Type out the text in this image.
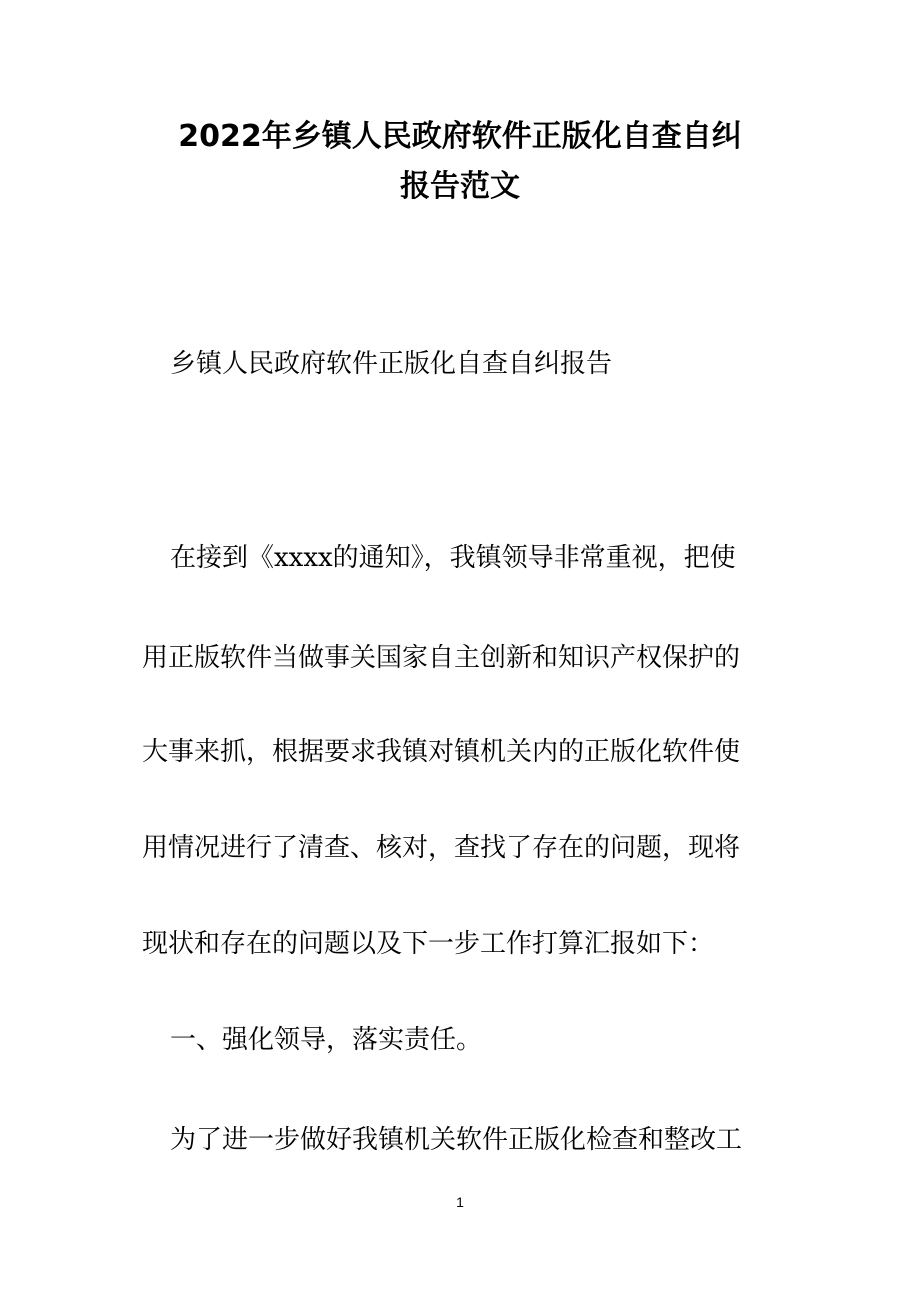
2022年乡镇人民政府软件正版化自查自纠
报告范文

乡镇人民政府软件正版化自查自纠报告

在接到《xxxx的通知》，我镇领导非常重视，把使

用正版软件当做事关国家自主创新和知识产权保护的

大事来抓，根据要求我镇对镇机关内的正版化软件使

用情况进行了清查、核对，查找了存在的问题，现将

现状和存在的问题以及下一步工作打算汇报如下：

一、强化领导，落实责任。

为了进一步做好我镇机关软件正版化检查和整改工

1
